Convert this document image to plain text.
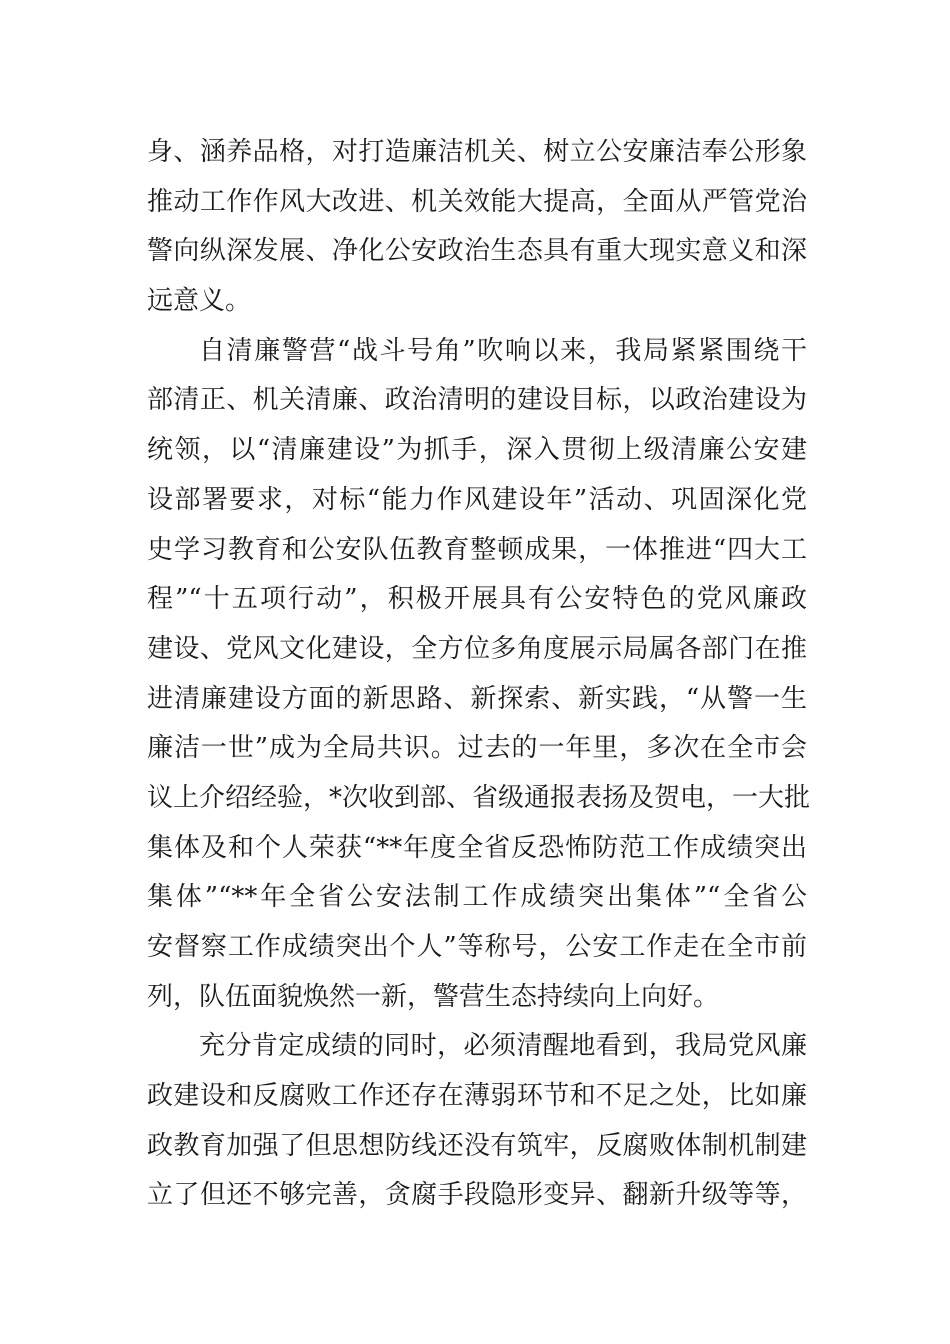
身、涵养品格，对打造廉洁机关、树立公安廉洁奉公形象
推动工作作风大改进、机关效能大提高，全面从严管党治
警向纵深发展、净化公安政治生态具有重大现实意义和深
远意义。
自清廉警营“战斗号角”吹响以来，我局紧紧围绕干
部清正、机关清廉、政治清明的建设目标，以政治建设为
统领，以“清廉建设”为抓手，深入贯彻上级清廉公安建
设部署要求，对标“能力作风建设年”活动、巩固深化党
史学习教育和公安队伍教育整顿成果，一体推进“四大工
程”“十五项行动”，积极开展具有公安特色的党风廉政
建设、党风文化建设，全方位多角度展示局属各部门在推
进清廉建设方面的新思路、新探索、新实践，“从警一生
廉洁一世”成为全局共识。过去的一年里，多次在全市会
议上介绍经验，*次收到部、省级通报表扬及贺电，一大批
集体及和个人荣获“**年度全省反恐怖防范工作成绩突出
集体”“**年全省公安法制工作成绩突出集体”“全省公
安督察工作成绩突出个人”等称号，公安工作走在全市前
列，队伍面貌焕然一新，警营生态持续向上向好。
充分肯定成绩的同时，必须清醒地看到，我局党风廉
政建设和反腐败工作还存在薄弱环节和不足之处，比如廉
政教育加强了但思想防线还没有筑牢，反腐败体制机制建
立了但还不够完善，贪腐手段隐形变异、翻新升级等等，
